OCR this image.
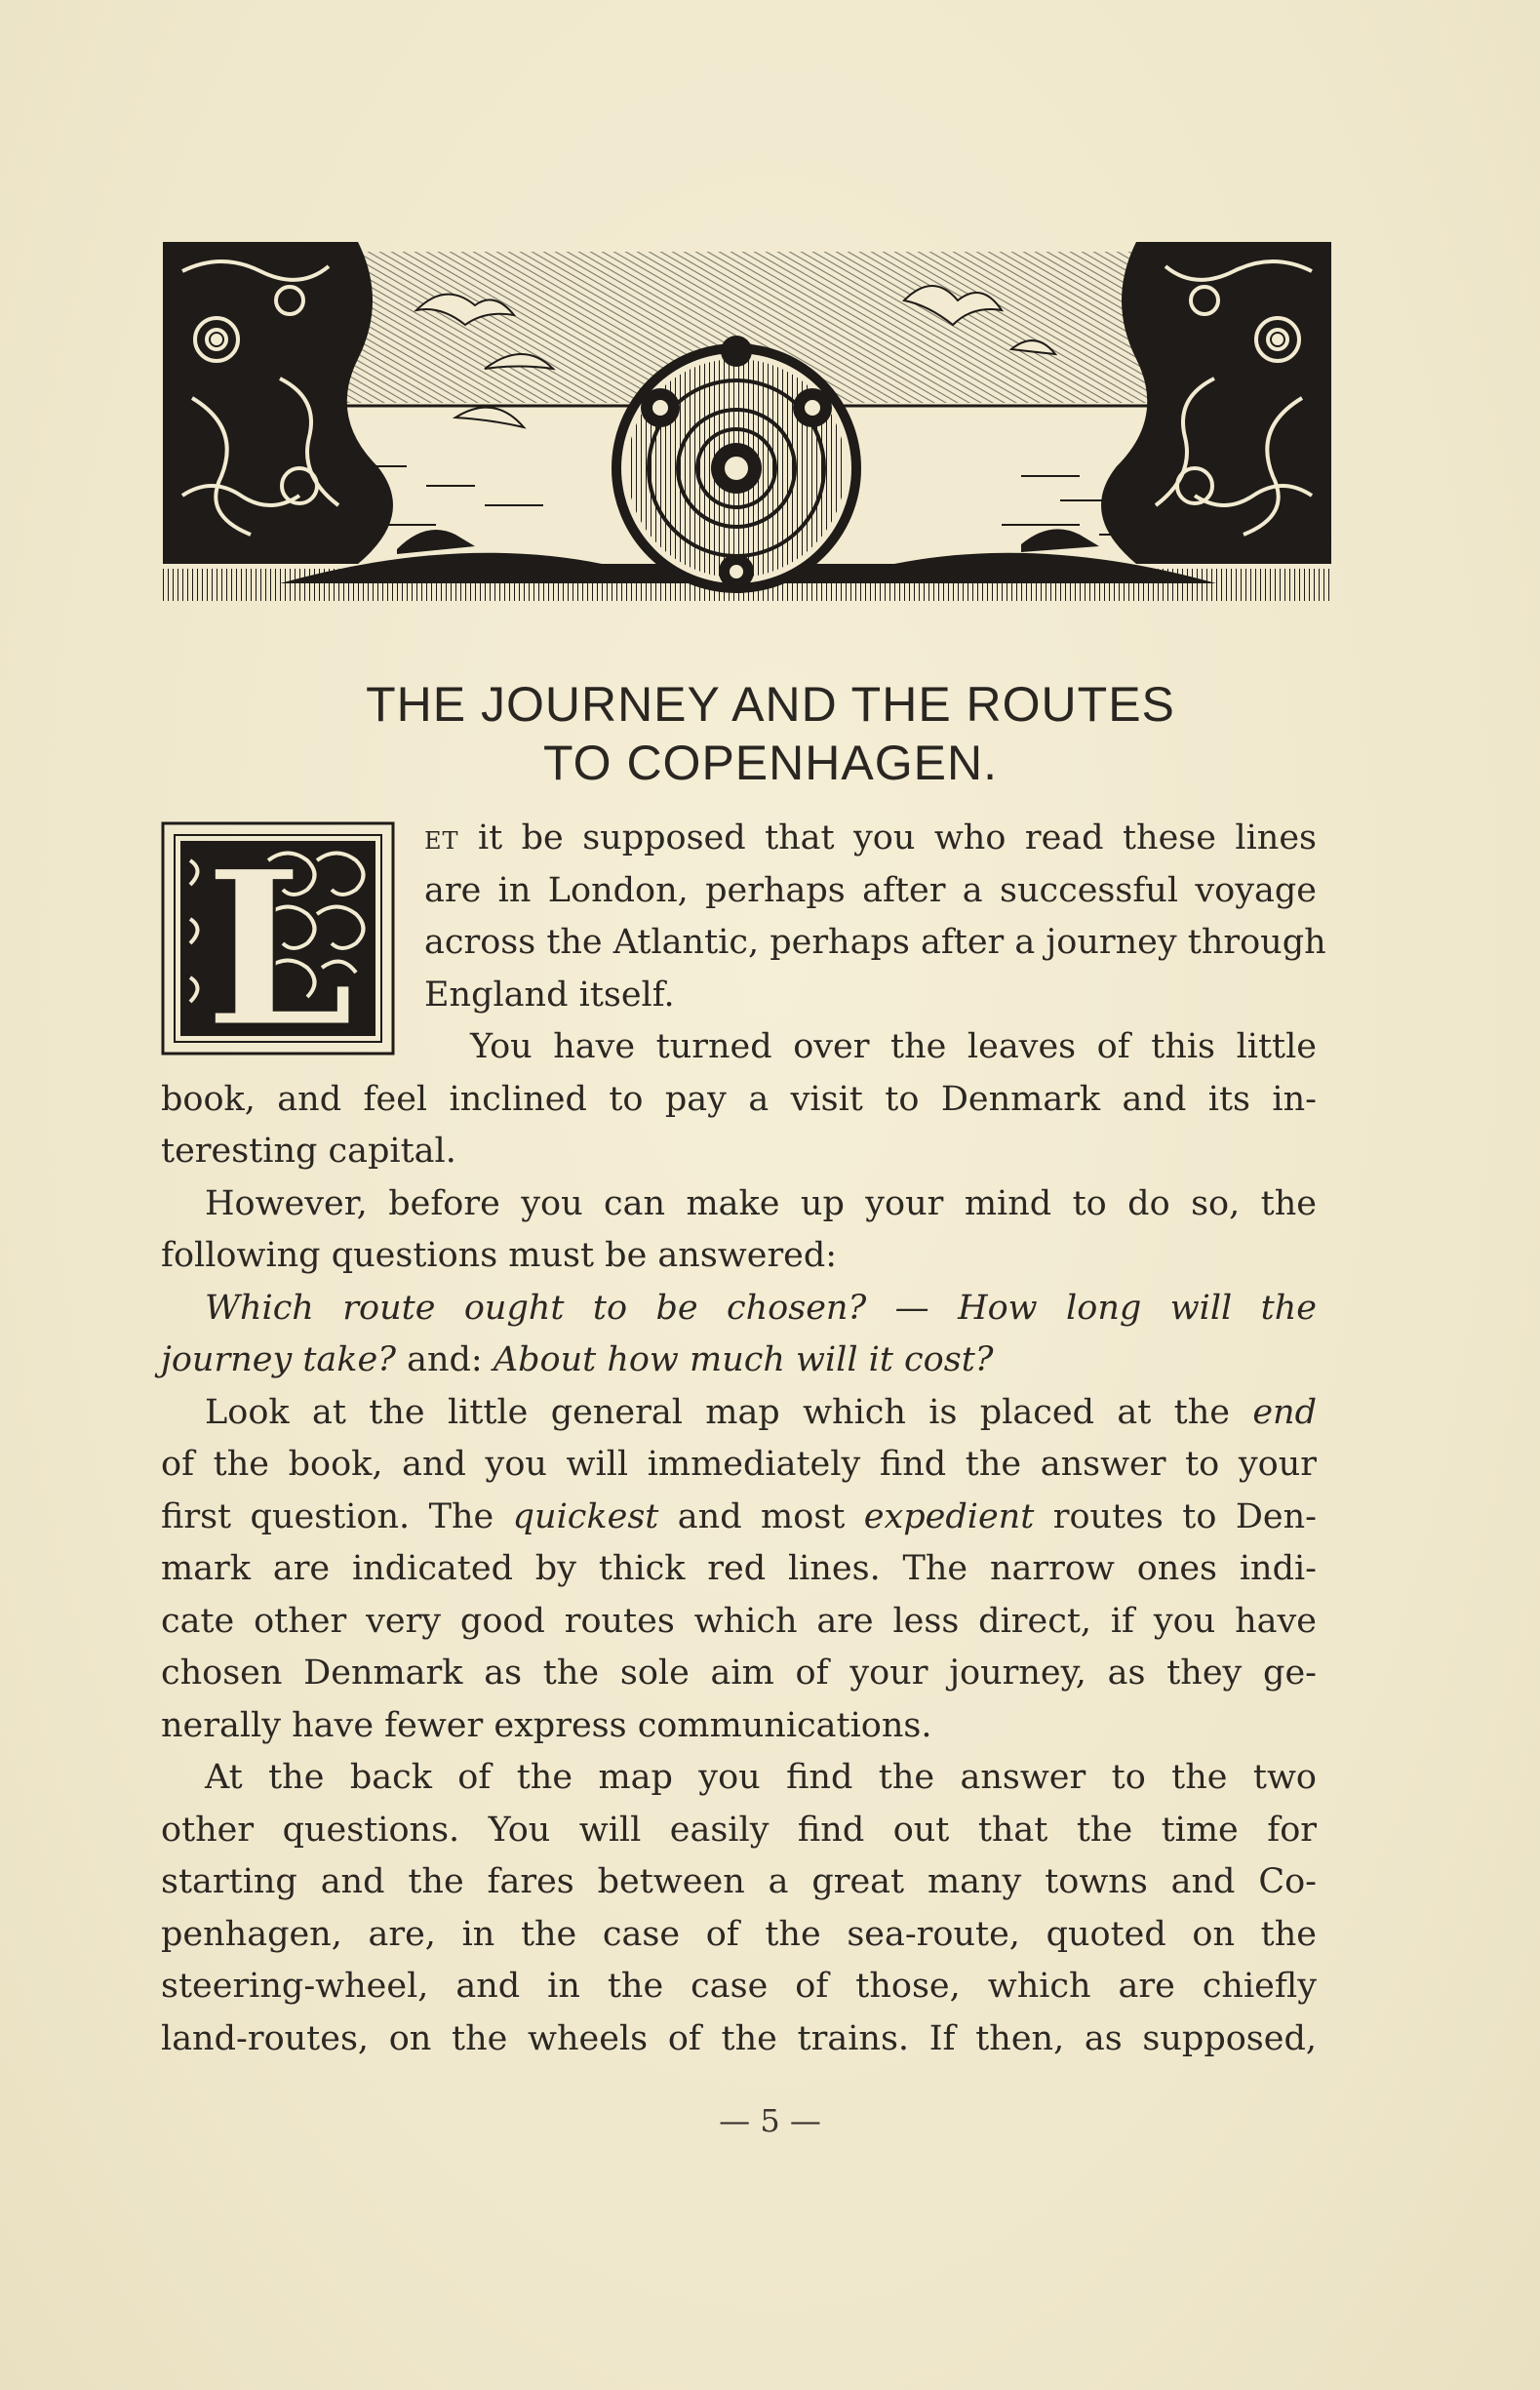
THE JOURNEY AND THE ROUTES
TO COPENHAGEN.
L	ET it be supposed that you who read these lines
are in London, perhaps after a successful voyage
across the Atlantic, perhaps after a journey through
England itself.
You have turned over the leaves of this little
book, and feel inclined to pay a visit to Denmark and its in-
teresting capital.
However, before you can make up your mind to do so, the
following questions must be answered:
Which route ought to be chosen? — How long will the
journey take? and: About how much will it cost?
Look at the little general map which is placed at the end
of the book, and you will immediately find the answer to your
first question. The quickest and most expedient routes to Den-
mark are indicated by thick red lines. The narrow ones indi-
cate other very good routes which are less direct, if you have
chosen Denmark as the sole aim of your journey, as they ge-
nerally have fewer express communications.
At the back of the map you find the answer to the two
other questions. You will easily find out that the time for
starting and the fares between a great many towns and Co-
penhagen, are, in the case of the sea-route, quoted on the
steering-wheel, and in the case of those, which are chiefly
land-routes, on the wheels of the trains. If then, as supposed,
— 5 —
